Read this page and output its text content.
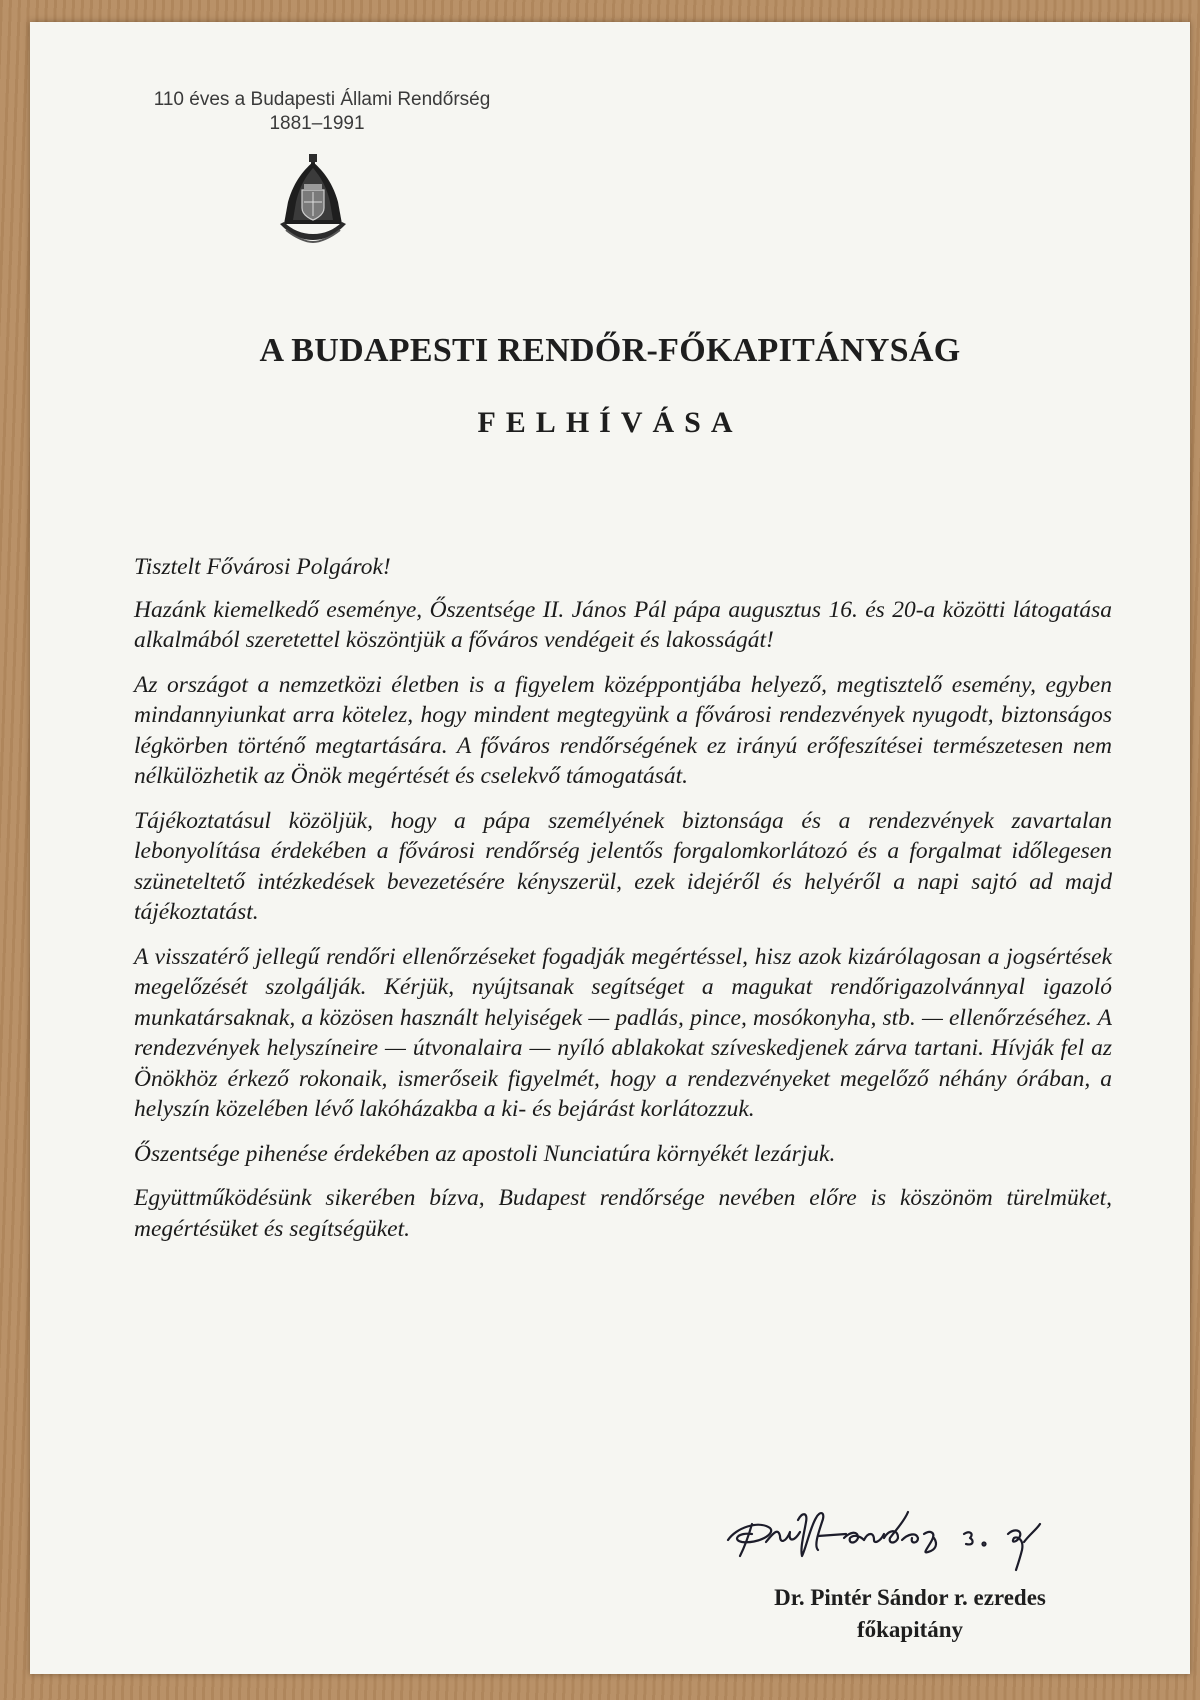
110 éves a Budapesti Állami Rendőrség
1881–1991
A BUDAPESTI RENDŐR-FŐKAPITÁNYSÁG
FELHÍVÁSA

Tisztelt Fővárosi Polgárok!

Hazánk kiemelkedő eseménye, Őszentsége II. János Pál pápa augusztus 16. és 20-a közötti látogatása alkalmából szeretettel köszöntjük a főváros vendégeit és lakosságát!

Az országot a nemzetközi életben is a figyelem középpontjába helyező, megtisztelő esemény, egyben mindannyiunkat arra kötelez, hogy mindent megtegyünk a fővárosi rendezvények nyugodt, biztonságos légkörben történő megtartására. A főváros rendőrségének ez irányú erőfeszítései természetesen nem nélkülözhetik az Önök megértését és cselekvő támogatását.

Tájékoztatásul közöljük, hogy a pápa személyének biztonsága és a rendezvények zavartalan lebonyolítása érdekében a fővárosi rendőrség jelentős forgalomkorlátozó és a forgalmat időlegesen szüneteltető intézkedések bevezetésére kényszerül, ezek idejéről és helyéről a napi sajtó ad majd tájékoztatást.

A visszatérő jellegű rendőri ellenőrzéseket fogadják megértéssel, hisz azok kizárólagosan a jogsértések megelőzését szolgálják. Kérjük, nyújtsanak segítséget a magukat rendőrigazolvánnyal igazoló munkatársaknak, a közösen használt helyiségek — padlás, pince, mosókonyha, stb. — ellenőrzéséhez. A rendezvények helyszíneire — útvonalaira — nyíló ablakokat szíveskedjenek zárva tartani. Hívják fel az Önökhöz érkező rokonaik, ismerőseik figyelmét, hogy a rendezvényeket megelőző néhány órában, a helyszín közelében lévő lakóházakba a ki- és bejárást korlátozzuk.

Őszentsége pihenése érdekében az apostoli Nunciatúra környékét lezárjuk.

Együttműködésünk sikerében bízva, Budapest rendőrsége nevében előre is köszönöm türelmüket, megértésüket és segítségüket.

Dr. Pintér Sándor r. ezredes
főkapitány
